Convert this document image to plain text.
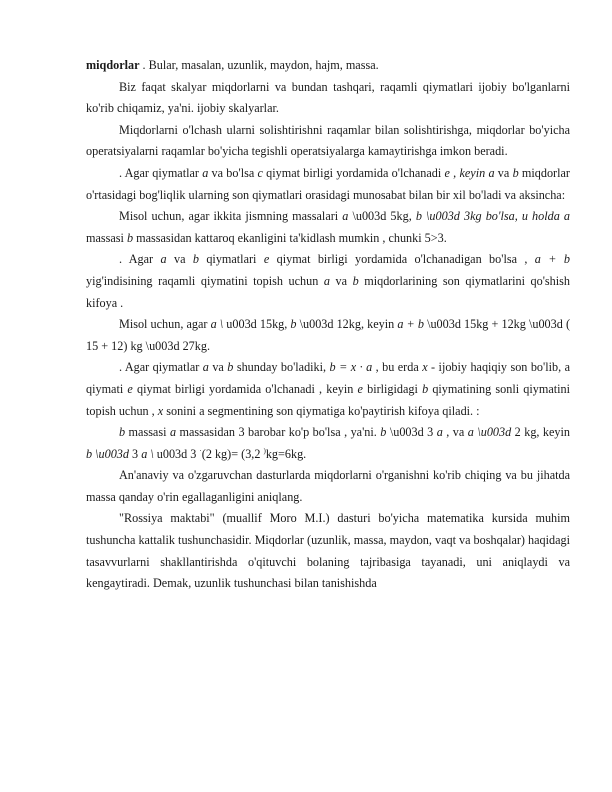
miqdorlar . Bular, masalan, uzunlik, maydon, hajm, massa.

Biz faqat skalyar miqdorlarni va bundan tashqari, raqamli qiymatlari ijobiy bo'lganlarni ko'rib chiqamiz, ya'ni. ijobiy skalyarlar.

Miqdorlarni o'lchash ularni solishtirishni raqamlar bilan solishtirishga, miqdorlar bo'yicha operatsiyalarni raqamlar bo'yicha tegishli operatsiyalarga kamaytirishga imkon beradi.

. Agar qiymatlar a va bo'lsa c qiymat birligi yordamida o'lchanadi e , keyin a va b miqdorlar o'rtasidagi bog'liqlik ularning son qiymatlari orasidagi munosabat bilan bir xil bo'ladi va aksincha:

Misol uchun, agar ikkita jismning massalari a \u003d 5kg, b \u003d 3kg bo'lsa, u holda a massasi b massasidan kattaroq ekanligini ta'kidlash mumkin , chunki 5>3.

. Agar a va b qiymatlari e qiymat birligi yordamida o'lchanadigan bo'lsa , a + b yig'indisining raqamli qiymatini topish uchun a va b miqdorlarining son qiymatlarini qo'shish kifoya .

Misol uchun, agar a \ u003d 15kg, b \u003d 12kg, keyin a + b \u003d 15kg + 12kg \u003d ( 15 + 12) kg \u003d 27kg.

. Agar qiymatlar a va b shunday bo'ladiki, b = x · a , bu erda x - ijobiy haqiqiy son bo'lib, a qiymati e qiymat birligi yordamida o'lchanadi , keyin e birligidagi b qiymatining sonli qiymatini topish uchun , x sonini a segmentining son qiymatiga ko'paytirish kifoya qiladi. :

b massasi a massasidan 3 barobar ko'p bo'lsa , ya'ni. b \u003d 3 a , va a \u003d 2 kg, keyin b \u003d 3 a \ u003d 3 ·(2 kg)= (3,2 )kg=6kg.

An'anaviy va o'zgaruvchan dasturlarda miqdorlarni o'rganishni ko'rib chiqing va bu jihatda massa qanday o'rin egallaganligini aniqlang.

"Rossiya maktabi" (muallif Moro M.I.) dasturi bo'yicha matematika kursida muhim tushuncha kattalik tushunchasidir. Miqdorlar (uzunlik, massa, maydon, vaqt va boshqalar) haqidagi tasavvurlarni shakllantirishda o'qituvchi bolaning tajribasiga tayanadi, uni aniqlaydi va kengaytiradi. Demak, uzunlik tushunchasi bilan tanishishda
